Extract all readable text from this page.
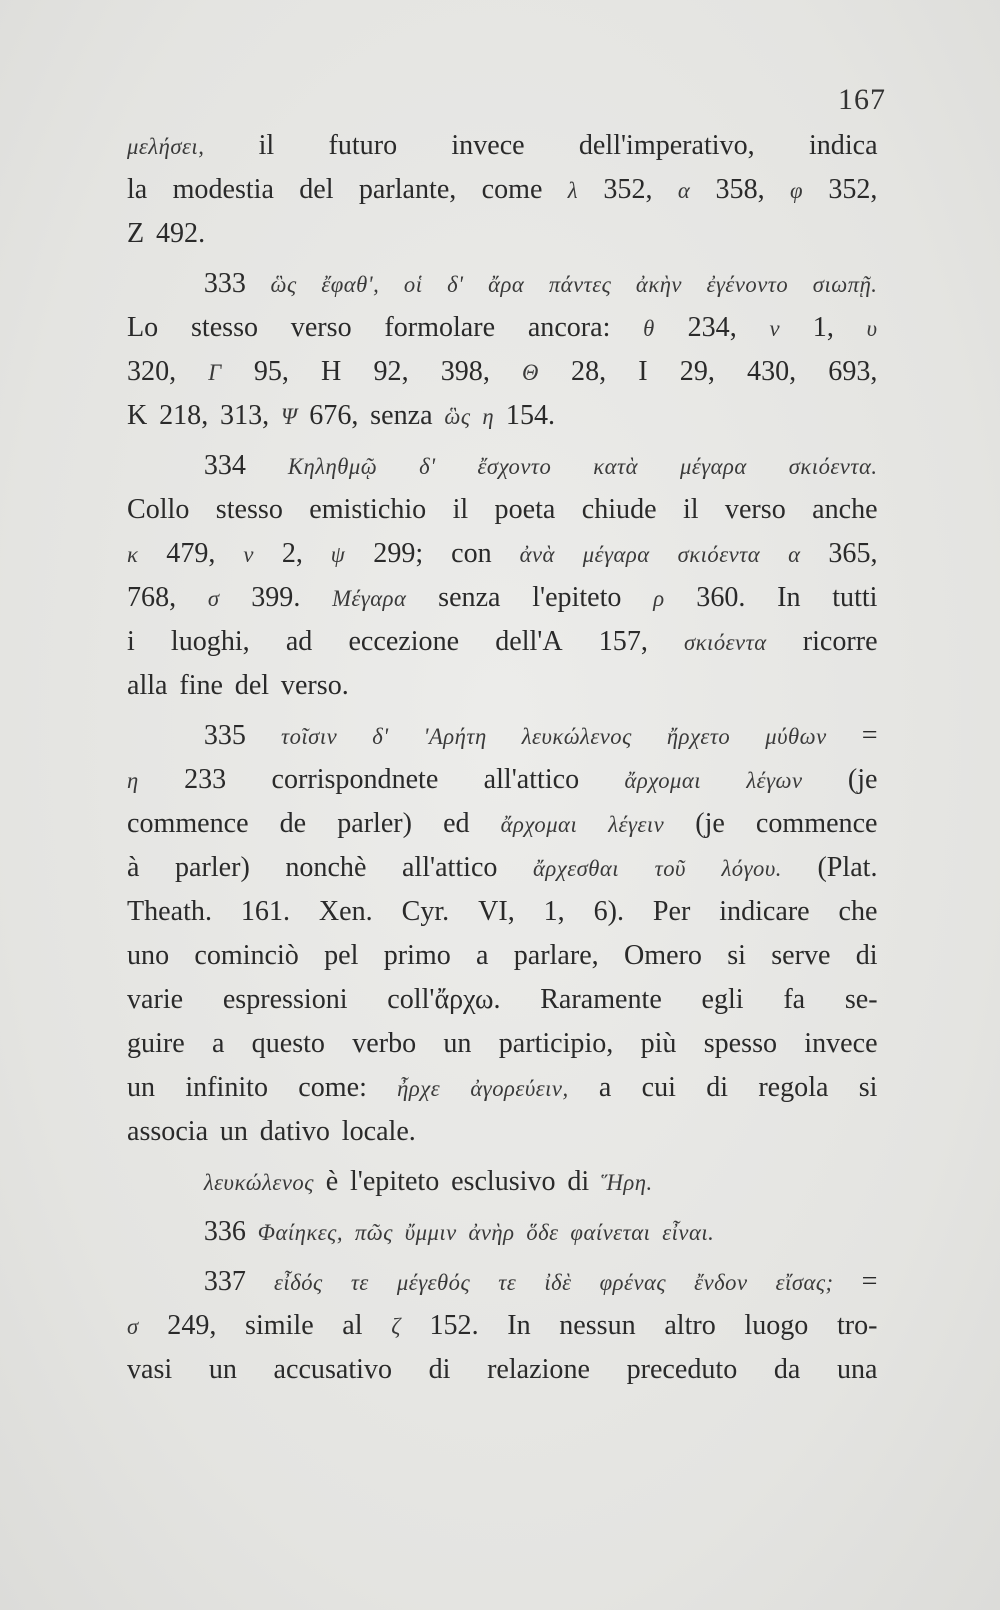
167
μελήσει, il futuro invece dell'imperativo, indica
la modestia del parlante, come λ 352, α 358, φ 352,
Z 492.
333 ὣς ἔφαθ', οἱ δ' ἄρα πάντες ἀκὴν ἐγένοντο σιωπῇ.
Lo stesso verso formolare ancora: θ 234, ν 1, υ
320, Γ 95, H 92, 398, Θ 28, I 29, 430, 693,
K 218, 313, Ψ 676, senza ὣς η 154.
334 Κηληθμῷ δ' ἔσχοντο κατὰ μέγαρα σκιόεντα.
Collo stesso emistichio il poeta chiude il verso anche
κ 479, ν 2, ψ 299; con ἀνὰ μέγαρα σκιόεντα α 365,
768, σ 399. Μέγαρα senza l'epiteto ρ 360. In tutti
i luoghi, ad eccezione dell'A 157, σκιόεντα ricorre
alla fine del verso.
335 τοῖσιν δ' 'Αρήτη λευκώλενος ἤρχετο μύθων =
η 233 corrispondnete all'attico ἄρχομαι λέγων (je
commence de parler) ed ἄρχομαι λέγειν (je commence
à parler) nonchè all'attico ἄρχεσθαι τοῦ λόγου. (Plat.
Theath. 161. Xen. Cyr. VI, 1, 6). Per indicare che
uno cominciò pel primo a parlare, Omero si serve di
varie espressioni coll'ἄρχω. Raramente egli fa se-
guire a questo verbo un participio, più spesso invece
un infinito come: ἦρχε ἀγορεύειν, a cui di regola si
associa un dativo locale.
λευκώλενος è l'epiteto esclusivo di Ἥρη.
336 Φαίηκες, πῶς ὔμμιν ἀνὴρ ὅδε φαίνεται εἶναι.
337 εἶδός τε μέγεθός τε ἰδὲ φρένας ἔνδον εἴσας; =
σ 249, simile al ζ 152. In nessun altro luogo tro-
vasi un accusativo di relazione preceduto da una
